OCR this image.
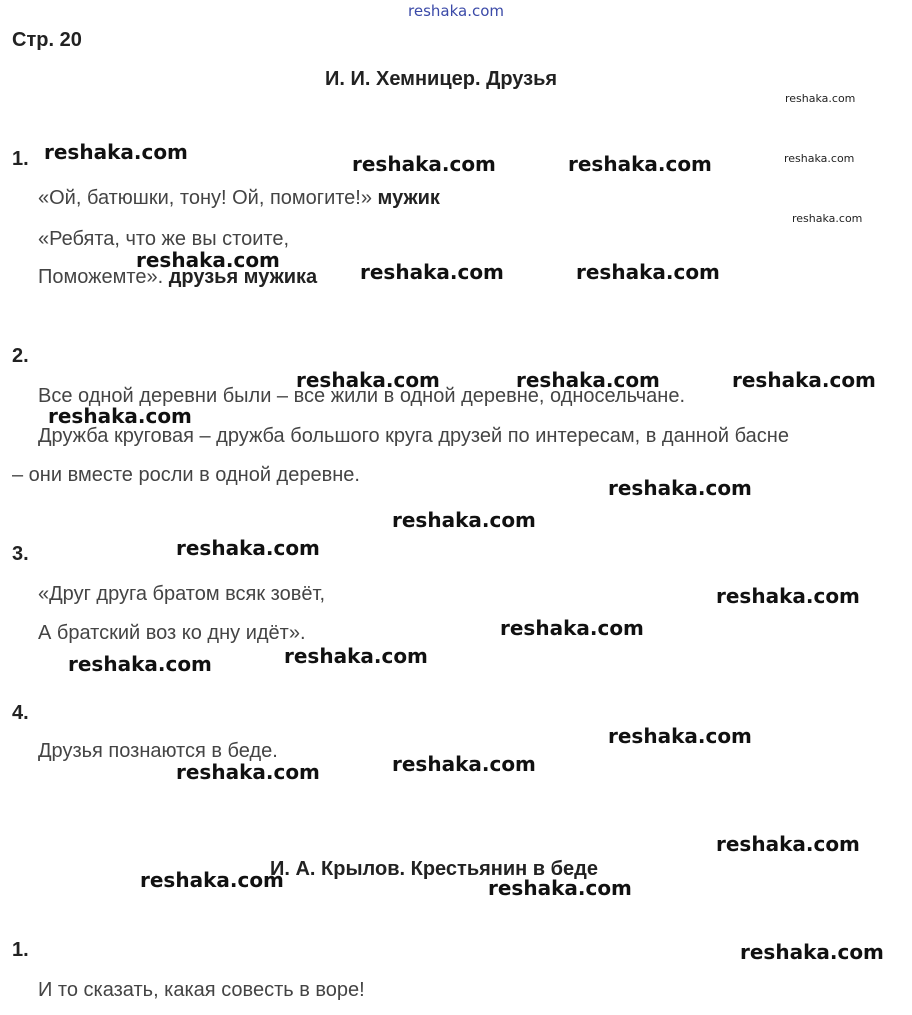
reshaka.com
Стр. 20
И. И. Хемницер. Друзья
1.
«Ой, батюшки, тону! Ой, помогите!» мужик
«Ребята, что же вы стоите,
Поможемте». друзья мужика
2.
Все одной деревни были – все жили в одной деревне, односельчане.
Дружба круговая – дружба большого круга друзей по интересам, в данной басне
– они вместе росли в одной деревне.
3.
«Друг друга братом всяк зовёт,
А братский воз ко дну идёт».
4.
Друзья познаются в беде.
И. А. Крылов. Крестьянин в беде
1.
И то сказать, какая совесть в воре!
reshaka.com	reshaka.com	reshaka.com
reshaka.com	reshaka.com	reshaka.com
reshaka.com	reshaka.com	reshaka.com
reshaka.com
reshaka.com
reshaka.com
reshaka.com
reshaka.com
reshaka.com
reshaka.com
reshaka.com
reshaka.com
reshaka.com
reshaka.com
reshaka.com
reshaka.com	reshaka.com
reshaka.com
reshaka.com
reshaka.com
reshaka.com
